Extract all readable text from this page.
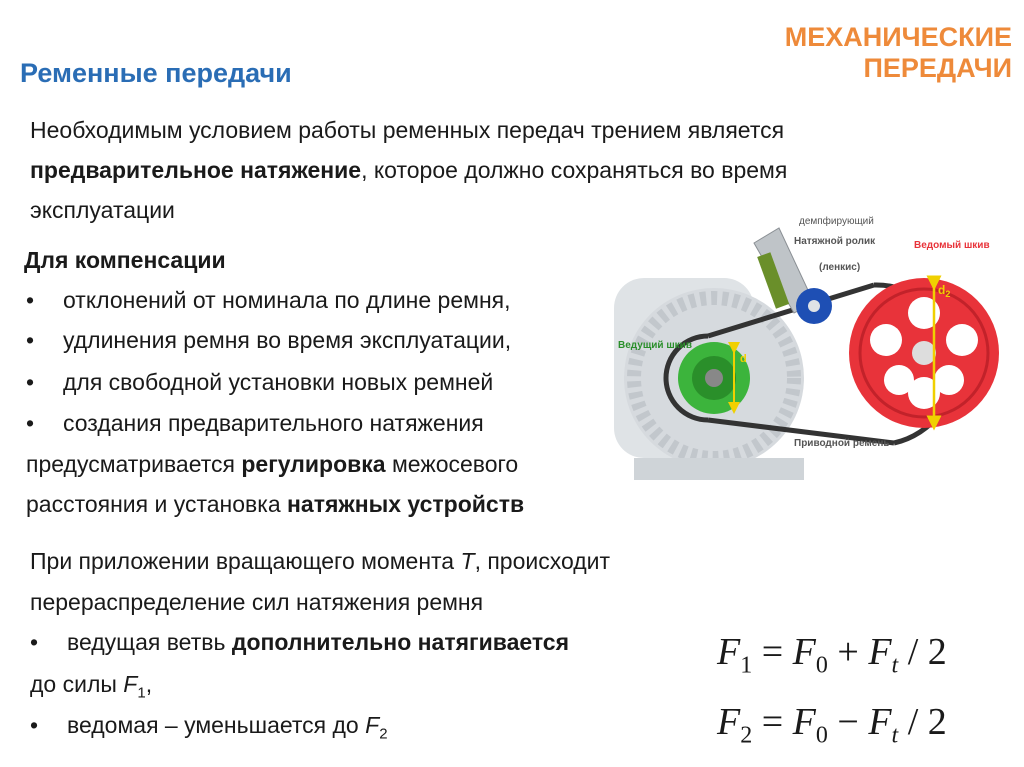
МЕХАНИЧЕСКИЕ ПЕРЕДАЧИ
Ременные передачи
Необходимым условием работы ременных передач трением является
предварительное натяжение, которое должно сохраняться во время
эксплуатации
Для компенсации
• отклонений от номинала по длине ремня,
• удлинения ремня во время эксплуатации,
• для свободной установки новых ремней
• создания предварительного натяжения
предусматривается регулировка межосевого
расстояния и установка натяжных устройств
При приложении вращающего момента T, происходит
перераспределение сил натяжения ремня
• ведущая ветвь дополнительно натягивается
до силы $F_1$,
• ведомая – уменьшается до $F_2$
$F_1 = F_0 + F_t / 2$
$F_2 = F_0 - F_t / 2$
демпфирующий
Натяжной ролик
(ленкис)
Ведомый шкив
Ведущий шкив
Приводной ремень
d
$d_2$
